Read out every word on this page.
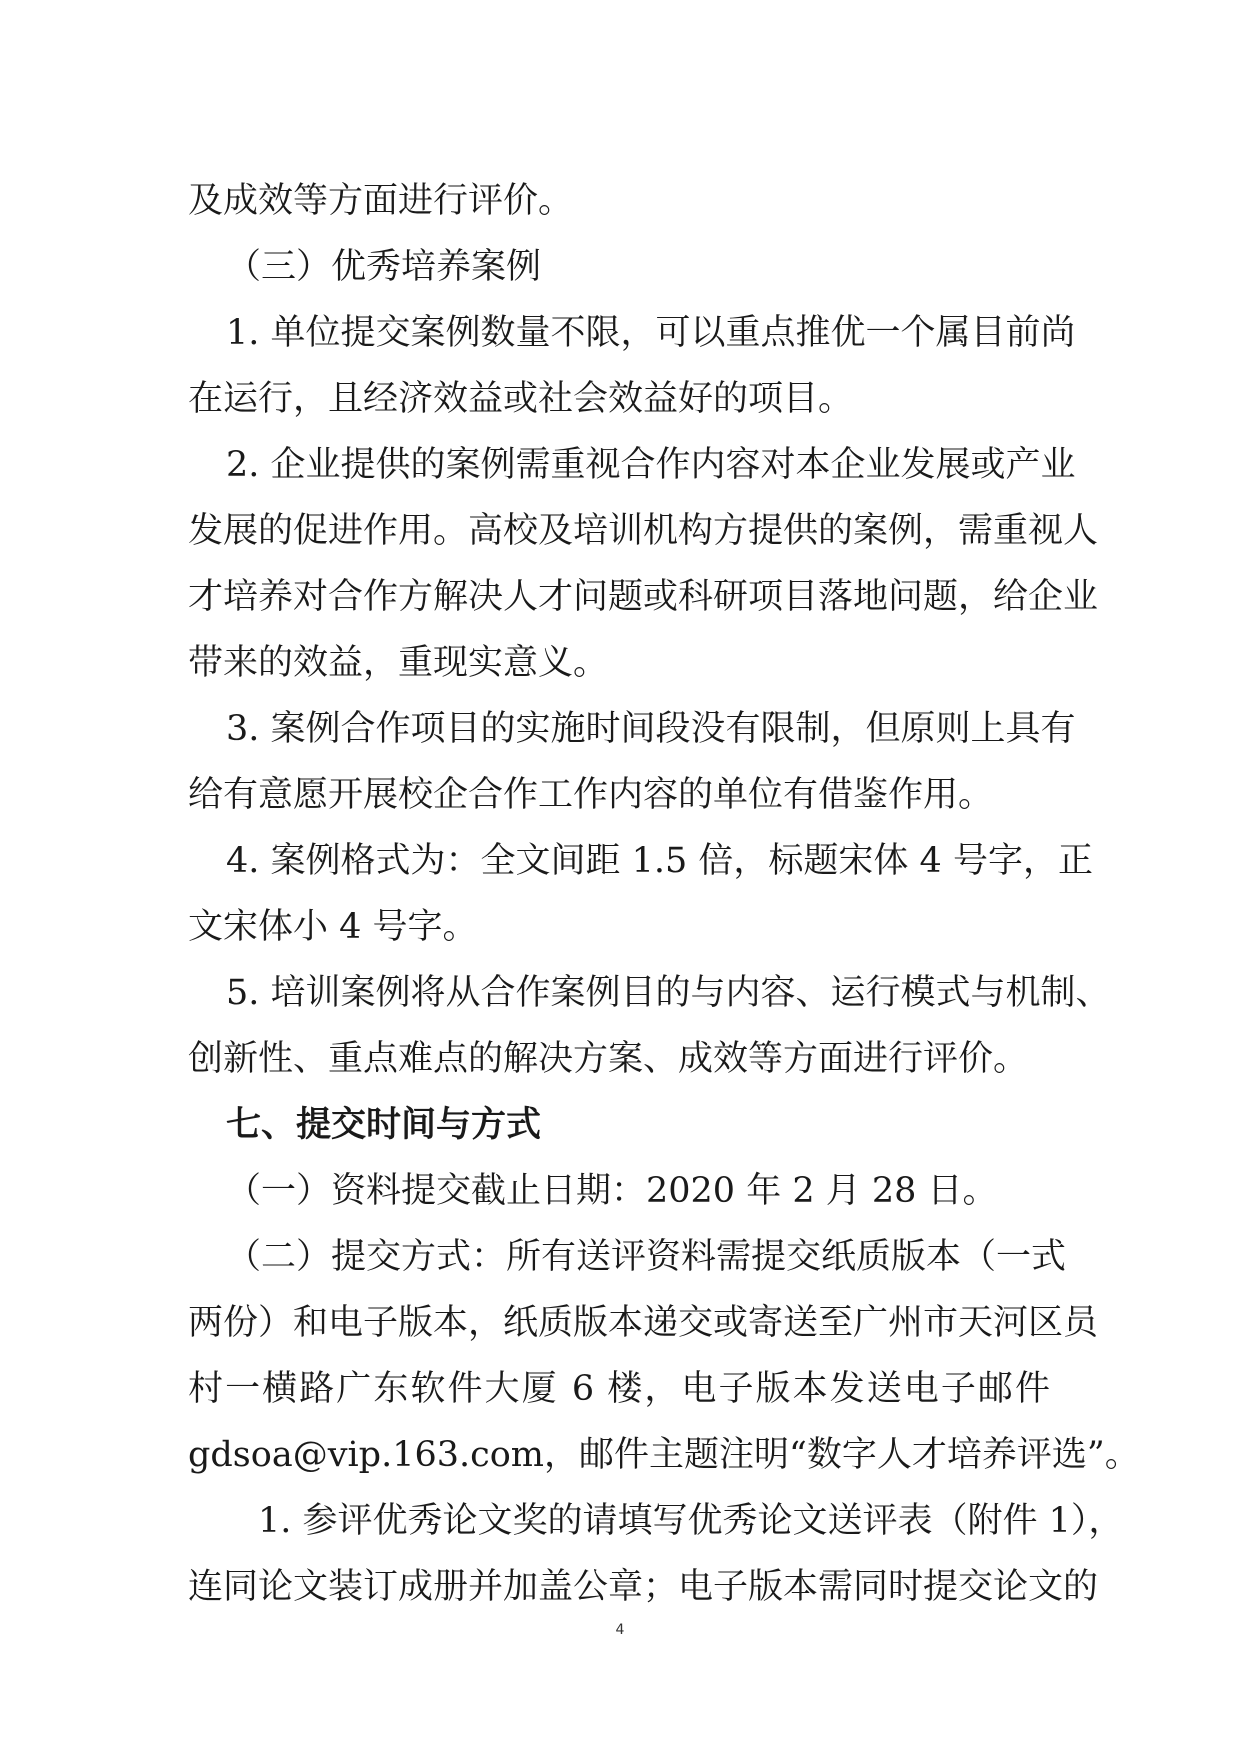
及成效等方面进行评价。
（三）优秀培养案例
1. 单位提交案例数量不限，可以重点推优一个属目前尚
在运行，且经济效益或社会效益好的项目。
2. 企业提供的案例需重视合作内容对本企业发展或产业
发展的促进作用。高校及培训机构方提供的案例，需重视人
才培养对合作方解决人才问题或科研项目落地问题，给企业
带来的效益，重现实意义。
3. 案例合作项目的实施时间段没有限制，但原则上具有
给有意愿开展校企合作工作内容的单位有借鉴作用。
4. 案例格式为：全文间距 1.5 倍，标题宋体 4 号字，正
文宋体小 4 号字。
5. 培训案例将从合作案例目的与内容、运行模式与机制、
创新性、重点难点的解决方案、成效等方面进行评价。
七、提交时间与方式
（一）资料提交截止日期：2020 年 2 月 28 日。
（二）提交方式：所有送评资料需提交纸质版本（一式
两份）和电子版本，纸质版本递交或寄送至广州市天河区员
村一横路广东软件大厦 6 楼，电子版本发送电子邮件
gdsoa@vip.163.com，邮件主题注明“数字人才培养评选”。
1. 参评优秀论文奖的请填写优秀论文送评表（附件 1），
连同论文装订成册并加盖公章；电子版本需同时提交论文的
4
